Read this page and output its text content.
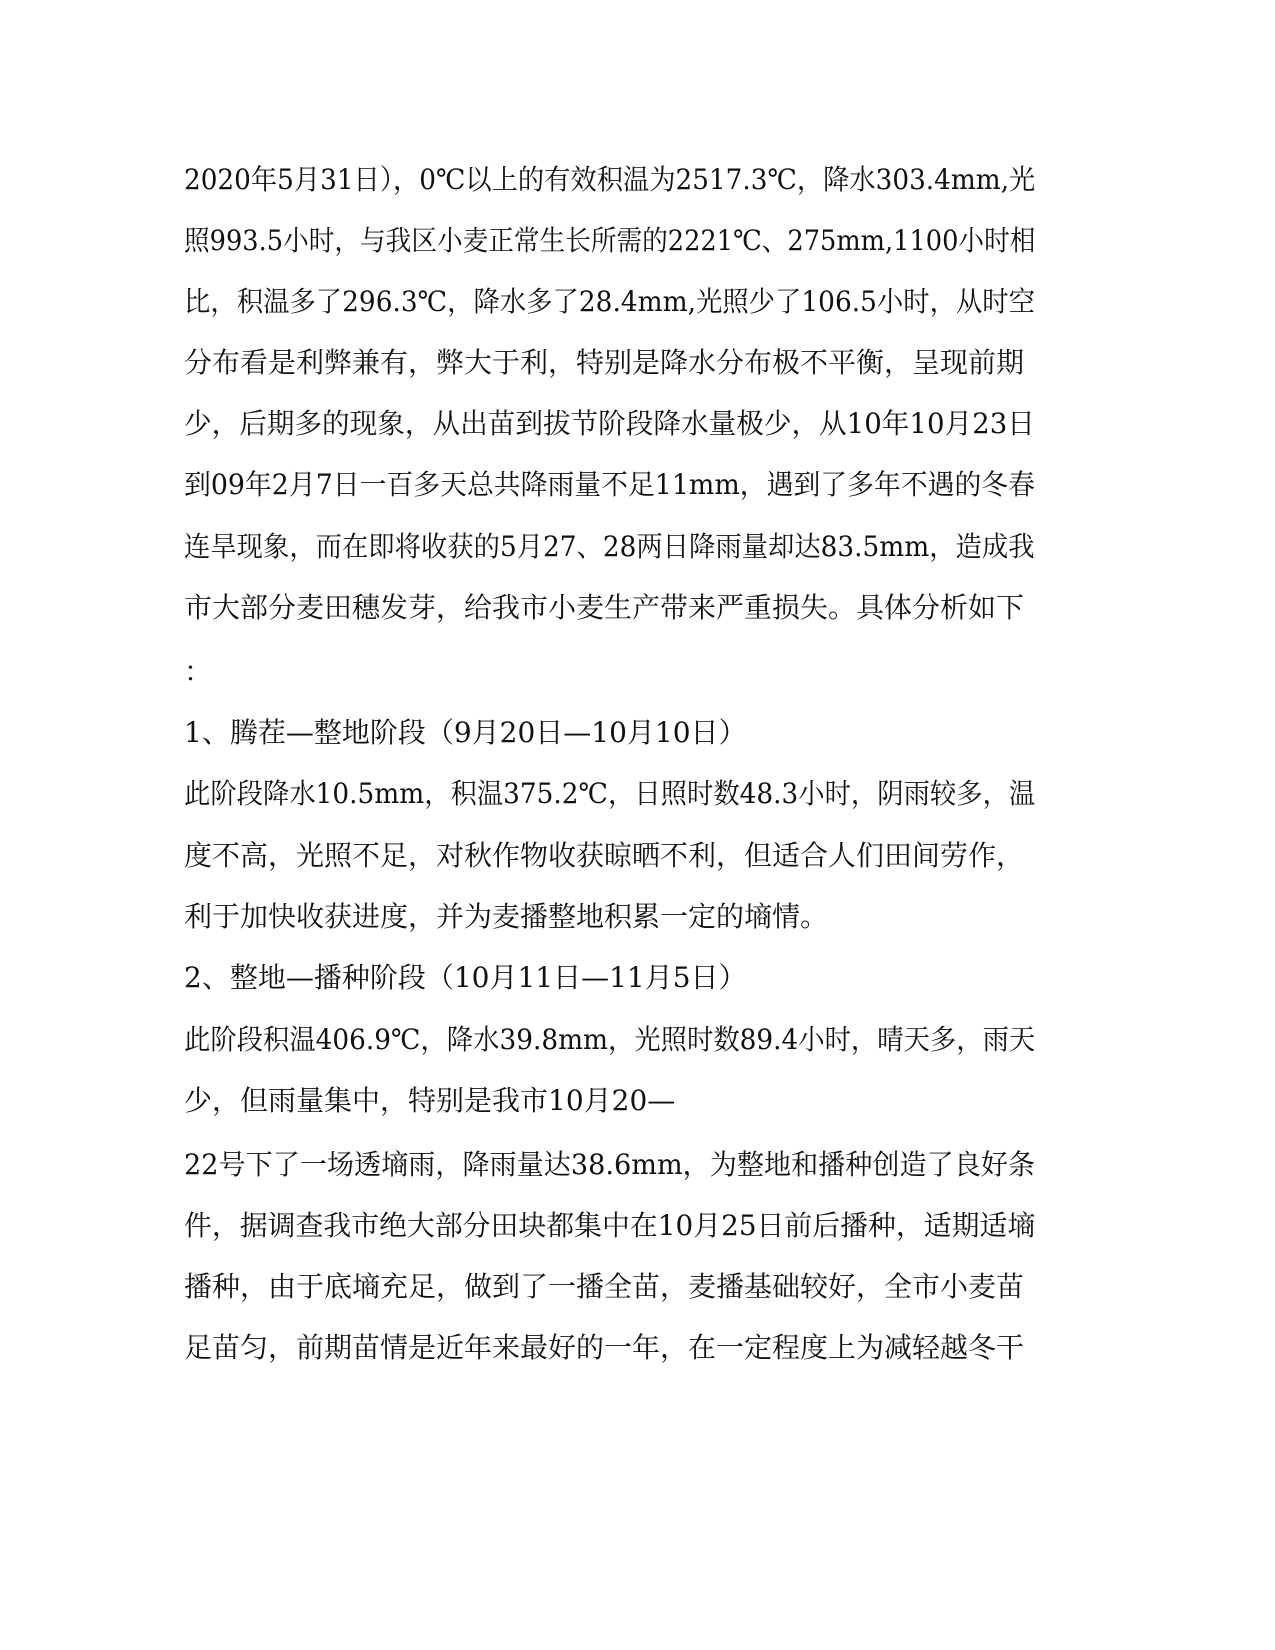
2020年5月31日），0℃以上的有效积温为2517.3℃，降水303.4mm,光
照993.5小时，与我区小麦正常生长所需的2221℃、275mm,1100小时相
比，积温多了296.3℃，降水多了28.4mm,光照少了106.5小时，从时空
分布看是利弊兼有，弊大于利，特别是降水分布极不平衡，呈现前期
少，后期多的现象，从出苗到拔节阶段降水量极少，从10年10月23日
到09年2月7日一百多天总共降雨量不足11mm，遇到了多年不遇的冬春
连旱现象，而在即将收获的5月27、28两日降雨量却达83.5mm，造成我
市大部分麦田穗发芽，给我市小麦生产带来严重损失。具体分析如下
：
1、腾茬—整地阶段（9月20日—10月10日）
此阶段降水10.5mm，积温375.2℃，日照时数48.3小时，阴雨较多，温
度不高，光照不足，对秋作物收获晾晒不利，但适合人们田间劳作，
利于加快收获进度，并为麦播整地积累一定的墒情。
2、整地—播种阶段（10月11日—11月5日）
此阶段积温406.9℃，降水39.8mm，光照时数89.4小时，晴天多，雨天
少，但雨量集中，特别是我市10月20—
22号下了一场透墒雨，降雨量达38.6mm，为整地和播种创造了良好条
件，据调查我市绝大部分田块都集中在10月25日前后播种，适期适墒
播种，由于底墒充足，做到了一播全苗，麦播基础较好，全市小麦苗
足苗匀，前期苗情是近年来最好的一年，在一定程度上为减轻越冬干
